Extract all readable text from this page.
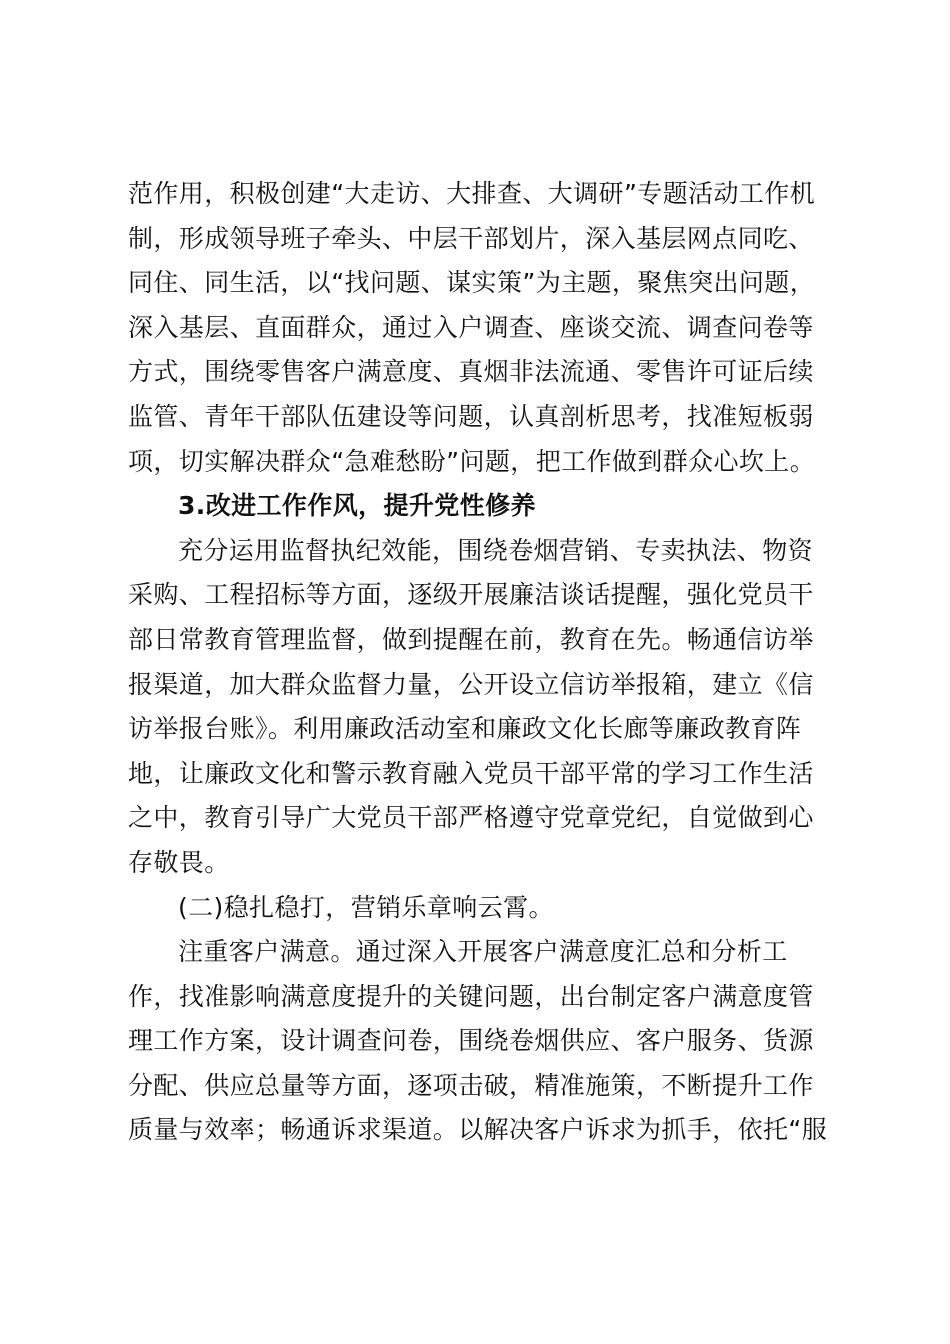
范作用，积极创建“大走访、大排查、大调研”专题活动工作机
制，形成领导班子牵头、中层干部划片，深入基层网点同吃、
同住、同生活，以“找问题、谋实策”为主题，聚焦突出问题，
深入基层、直面群众，通过入户调查、座谈交流、调查问卷等
方式，围绕零售客户满意度、真烟非法流通、零售许可证后续
监管、青年干部队伍建设等问题，认真剖析思考，找准短板弱
项，切实解决群众“急难愁盼”问题，把工作做到群众心坎上。

3.改进工作作风，提升党性修养

充分运用监督执纪效能，围绕卷烟营销、专卖执法、物资
采购、工程招标等方面，逐级开展廉洁谈话提醒，强化党员干
部日常教育管理监督，做到提醒在前，教育在先。畅通信访举
报渠道，加大群众监督力量，公开设立信访举报箱，建立《信
访举报台账》。利用廉政活动室和廉政文化长廊等廉政教育阵
地，让廉政文化和警示教育融入党员干部平常的学习工作生活
之中，教育引导广大党员干部严格遵守党章党纪，自觉做到心
存敬畏。

(二)稳扎稳打，营销乐章响云霄。

注重客户满意。通过深入开展客户满意度汇总和分析工
作，找准影响满意度提升的关键问题，出台制定客户满意度管
理工作方案，设计调查问卷，围绕卷烟供应、客户服务、货源
分配、供应总量等方面，逐项击破，精准施策，不断提升工作
质量与效率；畅通诉求渠道。以解决客户诉求为抓手，依托“服
